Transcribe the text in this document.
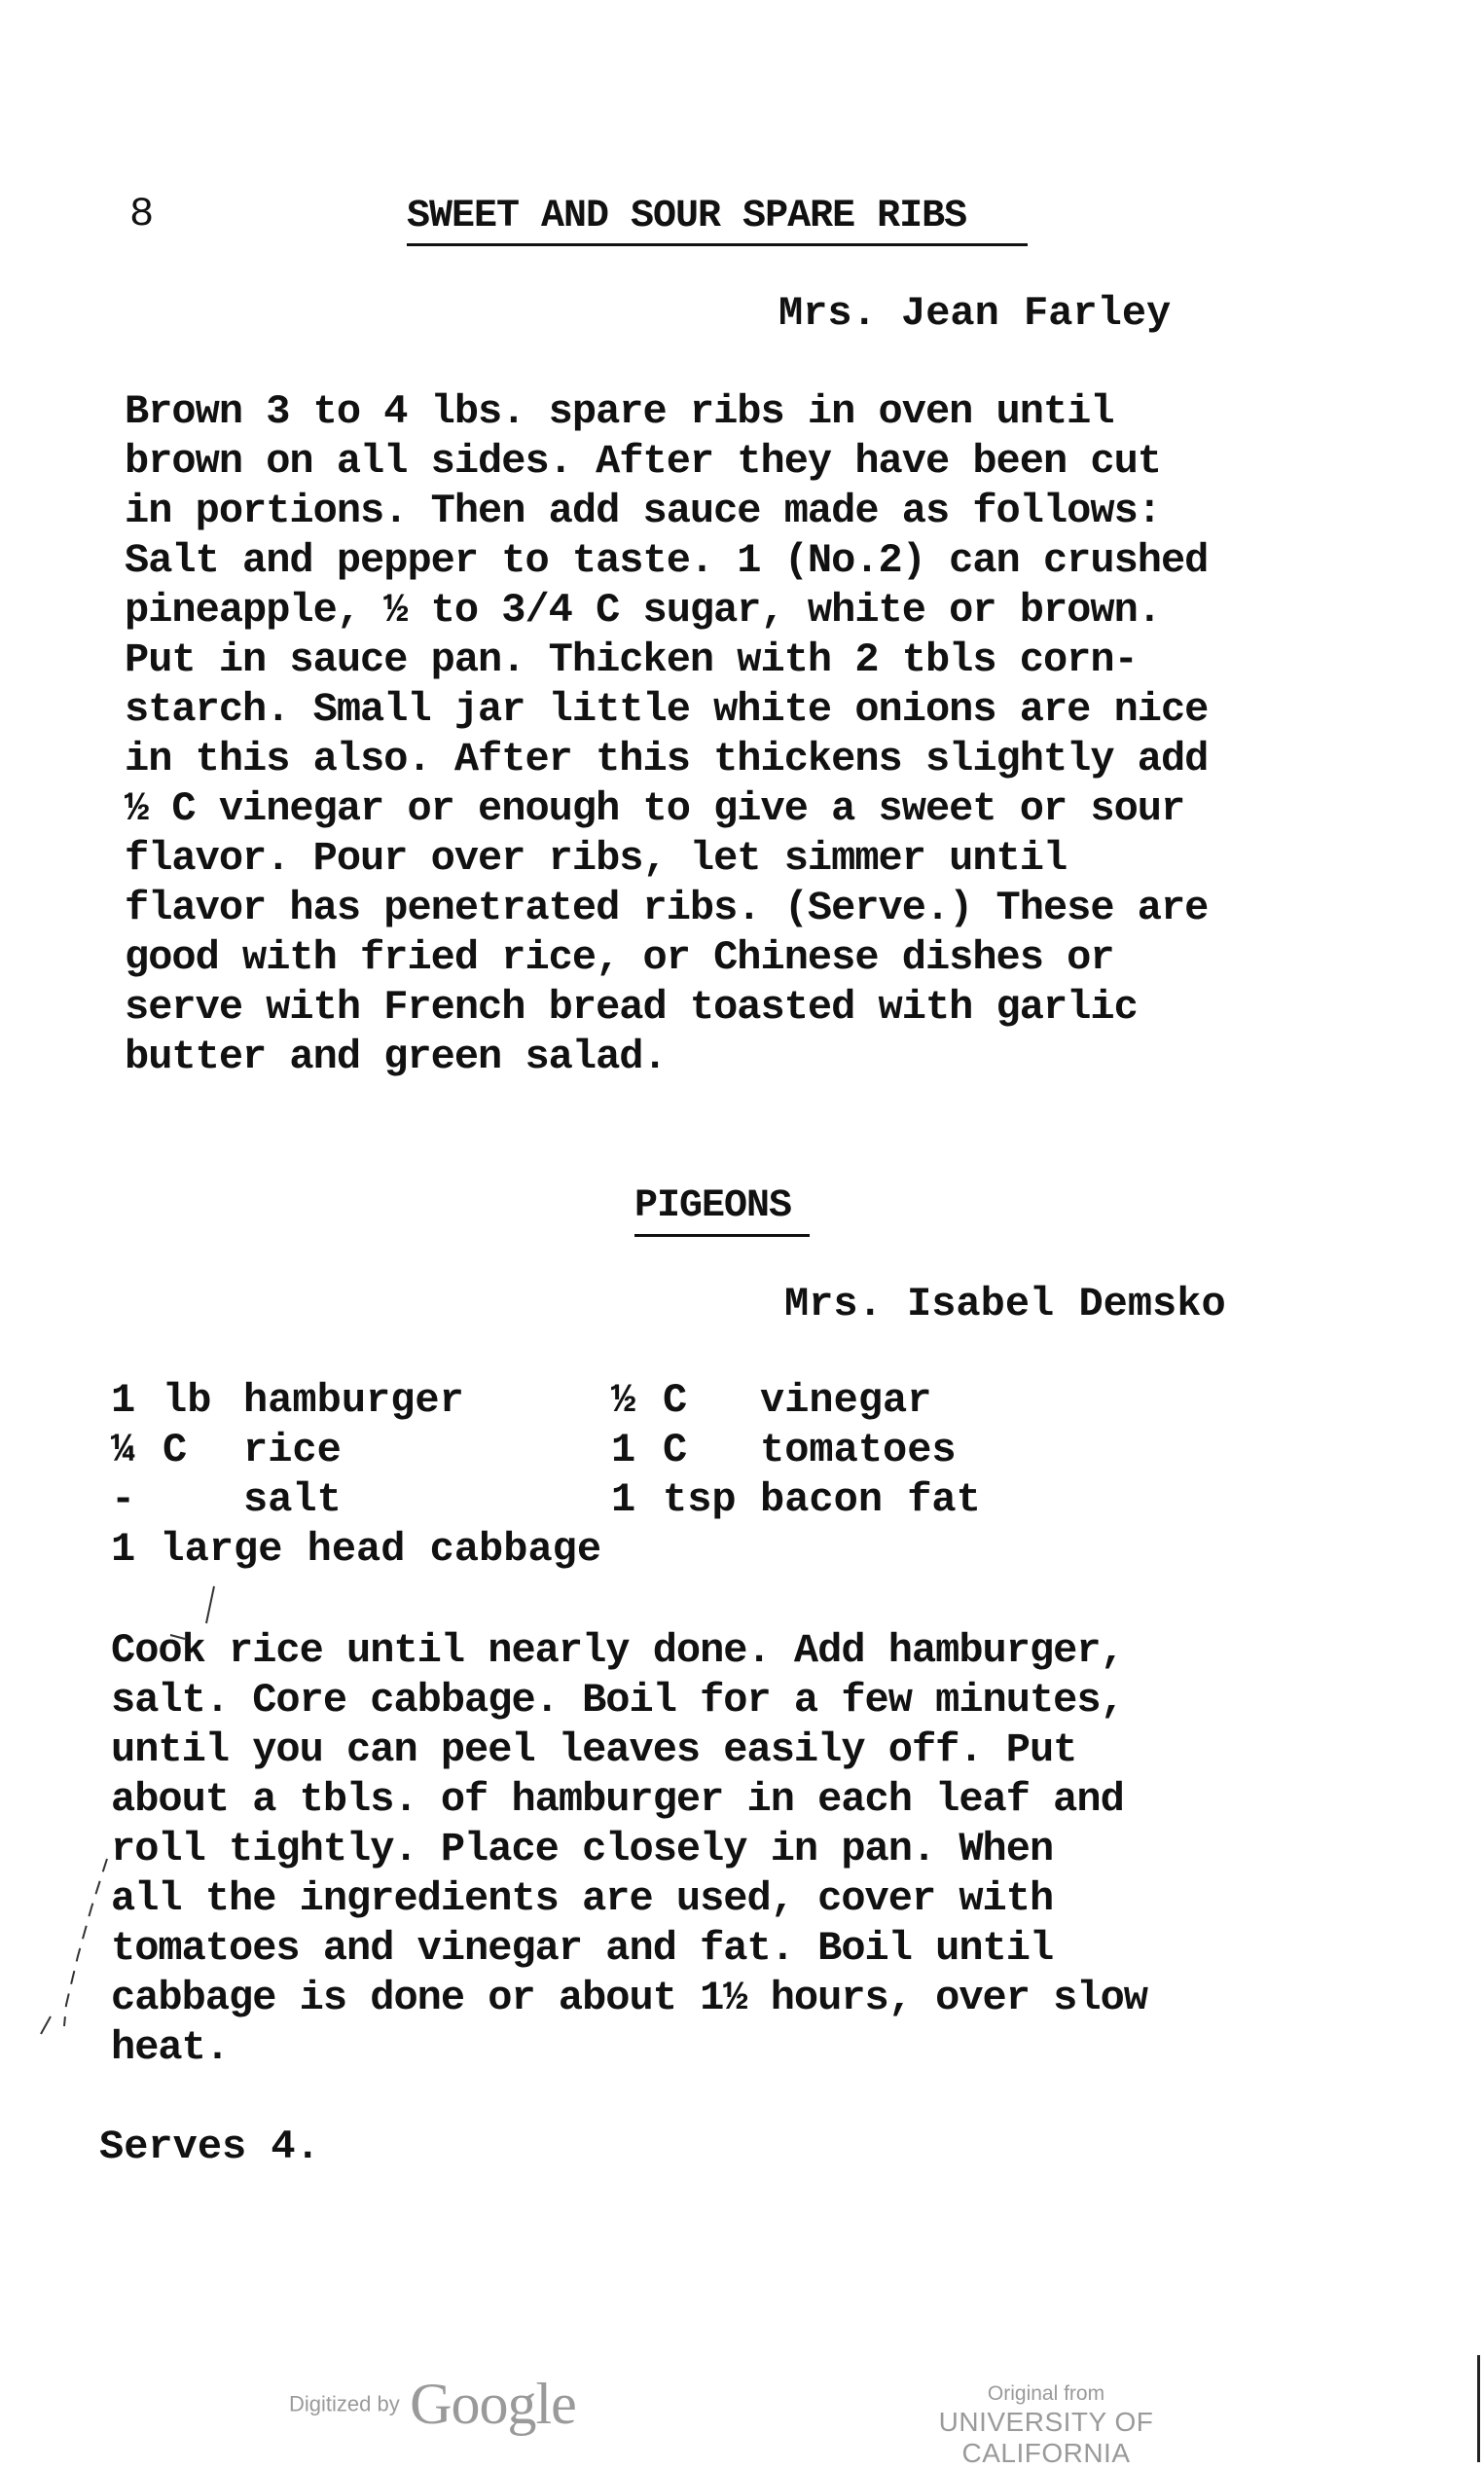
8	SWEET AND SOUR SPARE RIBS
Mrs. Jean Farley
Brown 3 to 4 lbs. spare ribs in oven until
brown on all sides. After they have been cut
in portions. Then add sauce made as follows:
Salt and pepper to taste. 1 (No.2) can crushed
pineapple, ½ to 3/4 C sugar, white or brown.
Put in sauce pan. Thicken with 2 tbls corn-
starch. Small jar little white onions are nice
in this also. After this thickens slightly add
½ C vinegar or enough to give a sweet or sour
flavor. Pour over ribs, let simmer until
flavor has penetrated ribs. (Serve.) These are
good with fried rice, or Chinese dishes or
serve with French bread toasted with garlic
butter and green salad.
PIGEONS
Mrs. Isabel Demsko
1 lb hamburger	½ C vinegar
¼ C rice	1 C tomatoes
-	salt	1 tsp bacon fat
1 large head cabbage
Cook rice until nearly done. Add hamburger,
salt. Core cabbage. Boil for a few minutes,
until you can peel leaves easily off. Put
about a tbls. of hamburger in each leaf and
roll tightly. Place closely in pan. When
all the ingredients are used, cover with
tomatoes and vinegar and fat. Boil until
cabbage is done or about 1½ hours, over slow
heat.
Serves 4.
Digitized by Google	Original from
UNIVERSITY OF CALIFORNIA
